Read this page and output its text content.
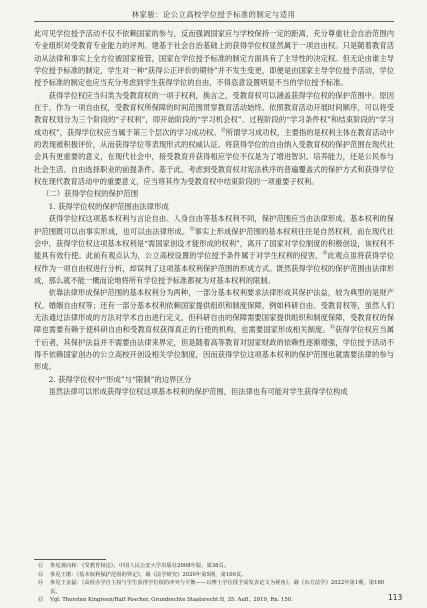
林家骏：论公立高校学位授予标准的制定与适用

此可见学位授予活动不仅不依赖国家的参与，反而强调国家应与学校保持一定的距离，充分尊重社会自治范围内专业组织对受教育专业能力的评判。建基于社会自治基础上的获得学位权显然属于一项自由权。只是随着教育活动从法律和事实上全方位被国家接管，国家在学位授予标准的制定方面具有了主导性的决定权。但无论由谁主导学位授予标准的制定，学生对一种“获得公正评价的期待”并不发生变更，即便是由国家主导学位授予活动，学位授予标准的制定也应当充分考虑到学生获得学位的自由，不得恣意设置明显不当的学位授予标准。

获得学位权应当归类为受教育权的一项子权利，换言之，受教育权可以涵盖获得学位权的保护范围中。原因在于，作为一项自由权，受教育权所保障的时间范围贯穿教育活动始终。依照教育活动开展时间顺序，可以将受教育权划分为三个阶段的“子权利”，即开始阶段的“学习机会权”、过程阶段的“学习条件权”和结束阶段的“学习成功权”，获得学位权应当属于第三个层次的学习成功权。⑫所谓学习成功权，主要指的是权利主体在教育活动中的表现被积极评价，从而获得学位等表现形式的权威认证。将获得学位的自由纳入受教育权的保护范围在现代社会具有更重要的意义，在现代社会中，接受教育并获得相应学位不仅是为了增进智识、培养能力，还是公民参与社会生活、自由选择职业的前提条件。基于此，考虑到受教育权对宪法秩序的普遍覆盖式的保护方式和获得学位权在现代教育活动中的重要意义，应当将其作为受教育权中结束阶段的一项重要子权利。

（二）获得学位权的保护范围

1. 获得学位权的保护范围由法律形成

获得学位权这项基本权利与言论自由、人身自由等基本权利不同，保护范围应当由法律形成。基本权利的保护范围既可以由事实形成，也可以由法律形成。⑬事实上形成保护范围的基本权利往往是自然权利，而在现代社会中，获得学位权这项基本权利是“需国家创设才能形成的权利”，离开了国家对学位制度的积极创设，该权利不能具有效行使。此前有观点认为，公立高校设置的学位授予条件属于对学生权利的侵害，⑭此观点虽将获得学位权作为一项自由权进行分析，却误判了这项基本权利保护范围的形成方式。既然获得学位权的保护范围由法律形成，那么就不能一概而论地将所有学位授予标准都视为对基本权利的限制。

依靠法律形成保护范围的基本权利分为两种，一部分基本权利要求法律形成其保护法益，较为典型的是财产权、婚姻自由权等；还有一部分基本权利依赖国家提供组织和制度保障，例如科研自由、受教育权等，虽然人们无法通过法律形成的方法对学术自由进行定义，但科研自由的保障需要国家提供组织和制度保障，受教育权的保障也需要有赖于使科研自由和受教育权获得真正的行使的机构，也需要国家形成相关制度。⑮获得学位权应当属于后者，其保护法益并不需要由法律来界定，但是随着高等教育对国家财政的依赖性逐渐增强，学位授予活动不得不依赖国家创办的公立高校开创设相关学位制度，因而获得学位这项基本权利的保护范围也就需要法律的参与形成。

2. 获得学位权中“形成”与“限制”的边界区分

虽然法律可以形成获得学位权这项基本权利的保护范围，但法律也有可能对学生获得学位构成

⑫ 参见龚向和：《受教育权论》，中国人民公安大学出版社2008年版，第38页。

⑬ 参见王锴：《基本权利保护范围的界定》，载《法学研究》2020年第5期，第100页。

⑭ 参见王金磊：《高校办学自主权与学生获得学位权的冲突与平衡——以博士学位授予需发表论文为视角》，载《东方法学》2022年第1期，第160页。

⑮ Vgl. Thorsten Kingreen/Ralf Poscher, Grundrechte Staatsrecht II, 35. Aufl., 2019, Rn. 150.	113
